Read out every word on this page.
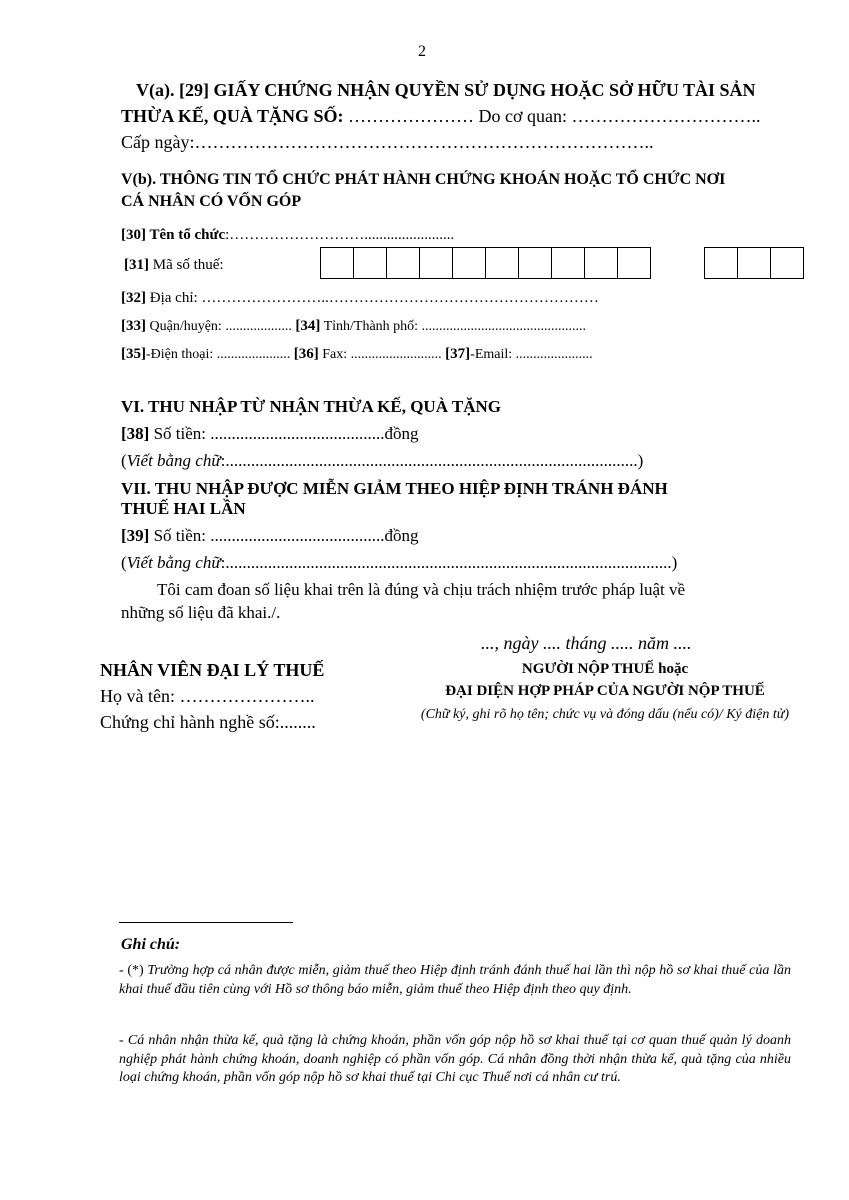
2
V(a). [29] GIẤY CHỨNG NHẬN QUYỀN SỬ DỤNG HOẶC SỞ HỮU TÀI SẢN
THỪA KẾ, QUÀ TẶNG SỐ: ………………… Do cơ quan: …………………………..
Cấp ngày:…………………………………………………………………..
V(b). THÔNG TIN TỔ CHỨC PHÁT HÀNH CHỨNG KHOÁN HOẶC TỔ CHỨC NƠI
CÁ NHÂN CÓ VỐN GÓP
[30] Tên tổ chức:………………………........................
[31] Mã số thuế:
[32] Địa chỉ: ……………………..………………………………………………
[33] Quận/huyện: ................... [34] Tỉnh/Thành phố: ...............................................
[35]-Điện thoại: ..................... [36] Fax: .......................... [37]-Email: ......................
VI. THU NHẬP TỪ NHẬN THỪA KẾ, QUÀ TẶNG
[38] Số tiền: .........................................đồng
(Viết bằng chữ:.................................................................................................)
VII. THU NHẬP ĐƯỢC MIỄN GIẢM THEO HIỆP ĐỊNH TRÁNH ĐÁNH
THUẾ HAI LẦN
[39] Số tiền: .........................................đồng
(Viết bằng chữ:.........................................................................................................)
Tôi cam đoan số liệu khai trên là đúng và chịu trách nhiệm trước pháp luật về
những số liệu đã khai./.
..., ngày .... tháng ..... năm ....
NHÂN VIÊN ĐẠI LÝ THUẾ
Họ và tên: …………………..
Chứng chỉ hành nghề số:........
NGƯỜI NỘP THUẾ hoặc
ĐẠI DIỆN HỢP PHÁP CỦA NGƯỜI NỘP THUẾ
(Chữ ký, ghi rõ họ tên; chức vụ và đóng dấu (nếu có)/ Ký điện tử)
Ghi chú:
- (*) Trường hợp cá nhân được miễn, giảm thuế theo Hiệp định tránh đánh thuế hai lần thì nộp hồ sơ khai thuế của lần khai thuế đầu tiên cùng với Hồ sơ thông báo miễn, giảm thuế theo Hiệp định theo quy định.
- Cá nhân nhận thừa kế, quà tặng là chứng khoán, phần vốn góp nộp hồ sơ khai thuế tại cơ quan thuế quản lý doanh nghiệp phát hành chứng khoán, doanh nghiệp có phần vốn góp. Cá nhân đồng thời nhận thừa kế, quà tặng của nhiều loại chứng khoán, phần vốn góp nộp hồ sơ khai thuế tại Chi cục Thuế nơi cá nhân cư trú.
